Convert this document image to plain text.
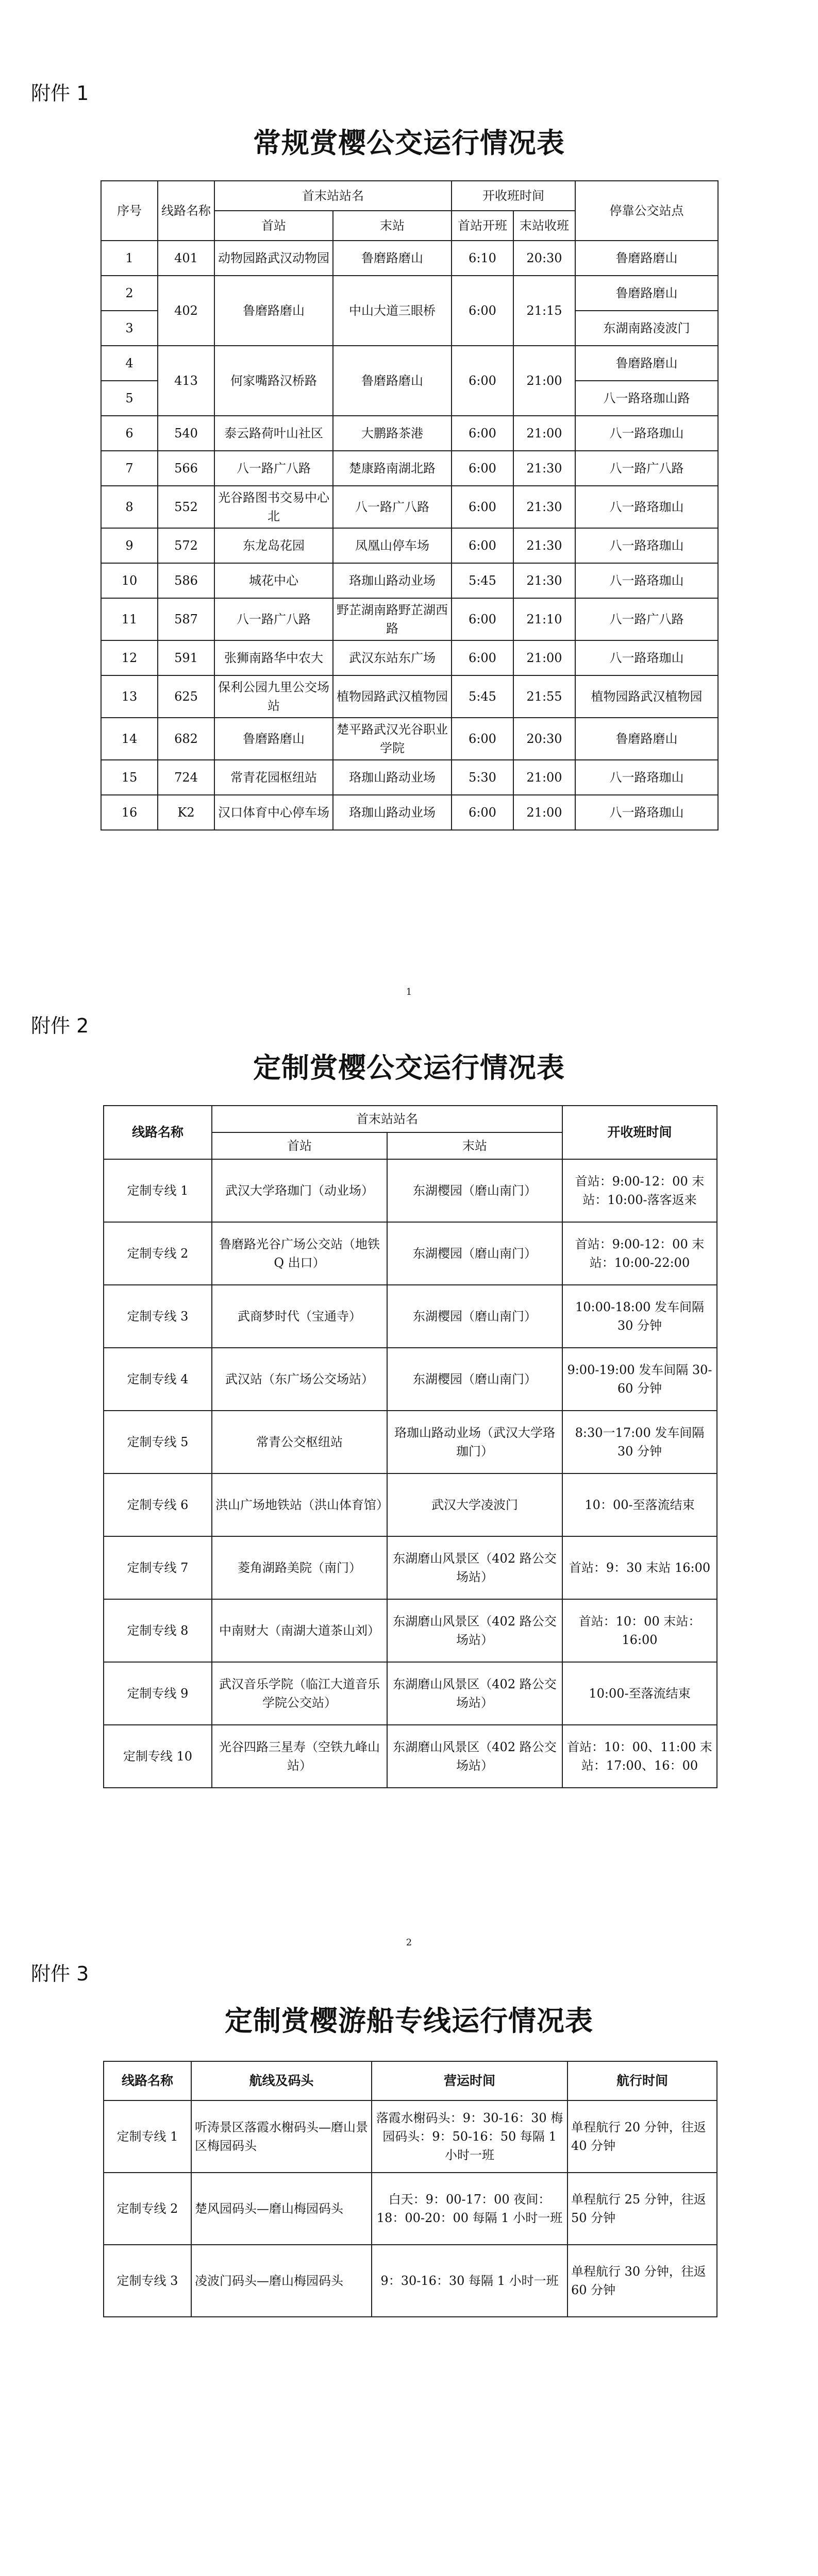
附件 1
常规赏樱公交运行情况表
序号	线路名称	首末站站名		开收班时间		停靠公交站点
		首站	末站	首站开班	末站收班	
1	401	动物园路武汉动物园	鲁磨路磨山	6:10	20:30	鲁磨路磨山
2	402	鲁磨路磨山	中山大道三眼桥	6:00	21:15	鲁磨路磨山
3						东湖南路凌波门
4	413	何家嘴路汉桥路	鲁磨路磨山	6:00	21:00	鲁磨路磨山
5						八一路珞珈山路
6	540	泰云路荷叶山社区	大鹏路茶港	6:00	21:00	八一路珞珈山
7	566	八一路广八路	楚康路南湖北路	6:00	21:30	八一路广八路
8	552	光谷路图书交易中心北	八一路广八路	6:00	21:30	八一路珞珈山
9	572	东龙岛花园	凤凰山停车场	6:00	21:30	八一路珞珈山
10	586	城花中心	珞珈山路动业场	5:45	21:30	八一路珞珈山
11	587	八一路广八路	野芷湖南路野芷湖西路	6:00	21:10	八一路广八路
12	591	张狮南路华中农大	武汉东站东广场	6:00	21:00	八一路珞珈山
13	625	保利公园九里公交场站	植物园路武汉植物园	5:45	21:55	植物园路武汉植物园
14	682	鲁磨路磨山	楚平路武汉光谷职业学院	6:00	20:30	鲁磨路磨山
15	724	常青花园枢纽站	珞珈山路动业场	5:30	21:00	八一路珞珈山
16	K2	汉口体育中心停车场	珞珈山路动业场	6:00	21:00	八一路珞珈山
1
附件 2
定制赏樱公交运行情况表
线路名称	首末站站名		开收班时间
	首站	末站	
定制专线 1	武汉大学珞珈门（动业场）	东湖樱园（磨山南门）	首站：9:00-12：00 末站：10:00-落客返来
定制专线 2	鲁磨路光谷广场公交站（地铁 Q 出口）	东湖樱园（磨山南门）	首站：9:00-12：00 末站：10:00-22:00
定制专线 3	武商梦时代（宝通寺）	东湖樱园（磨山南门）	10:00-18:00 发车间隔 30 分钟
定制专线 4	武汉站（东广场公交场站）	东湖樱园（磨山南门）	9:00-19:00 发车间隔 30-60 分钟
定制专线 5	常青公交枢纽站	珞珈山路动业场（武汉大学珞珈门）	8:30一17:00 发车间隔 30 分钟
定制专线 6	洪山广场地铁站（洪山体育馆）	武汉大学凌波门	10：00-至落流结束
定制专线 7	菱角湖路美院（南门）	东湖磨山风景区（402 路公交场站）	首站：9：30 末站 16:00
定制专线 8	中南财大（南湖大道茶山刘）	东湖磨山风景区（402 路公交场站）	首站：10：00 末站：16:00
定制专线 9	武汉音乐学院（临江大道音乐学院公交站）	东湖磨山风景区（402 路公交场站）	10:00-至落流结束
定制专线 10	光谷四路三星寿（空铁九峰山站）	东湖磨山风景区（402 路公交场站）	首站：10：00、11:00 末站：17:00、16：00
2
附件 3
定制赏樱游船专线运行情况表
线路名称	航线及码头	营运时间	航行时间
定制专线 1	听涛景区落霞水榭码头—磨山景区梅园码头	落霞水榭码头：9：30-16：30 梅园码头：9：50-16：50 每隔 1 小时一班	单程航行 20 分钟，往返 40 分钟
定制专线 2	楚风园码头—磨山梅园码头	白天：9：00-17：00 夜间：18：00-20：00 每隔 1 小时一班	单程航行 25 分钟，往返 50 分钟
定制专线 3	凌波门码头—磨山梅园码头	9：30-16：30 每隔 1 小时一班	单程航行 30 分钟，往返 60 分钟
